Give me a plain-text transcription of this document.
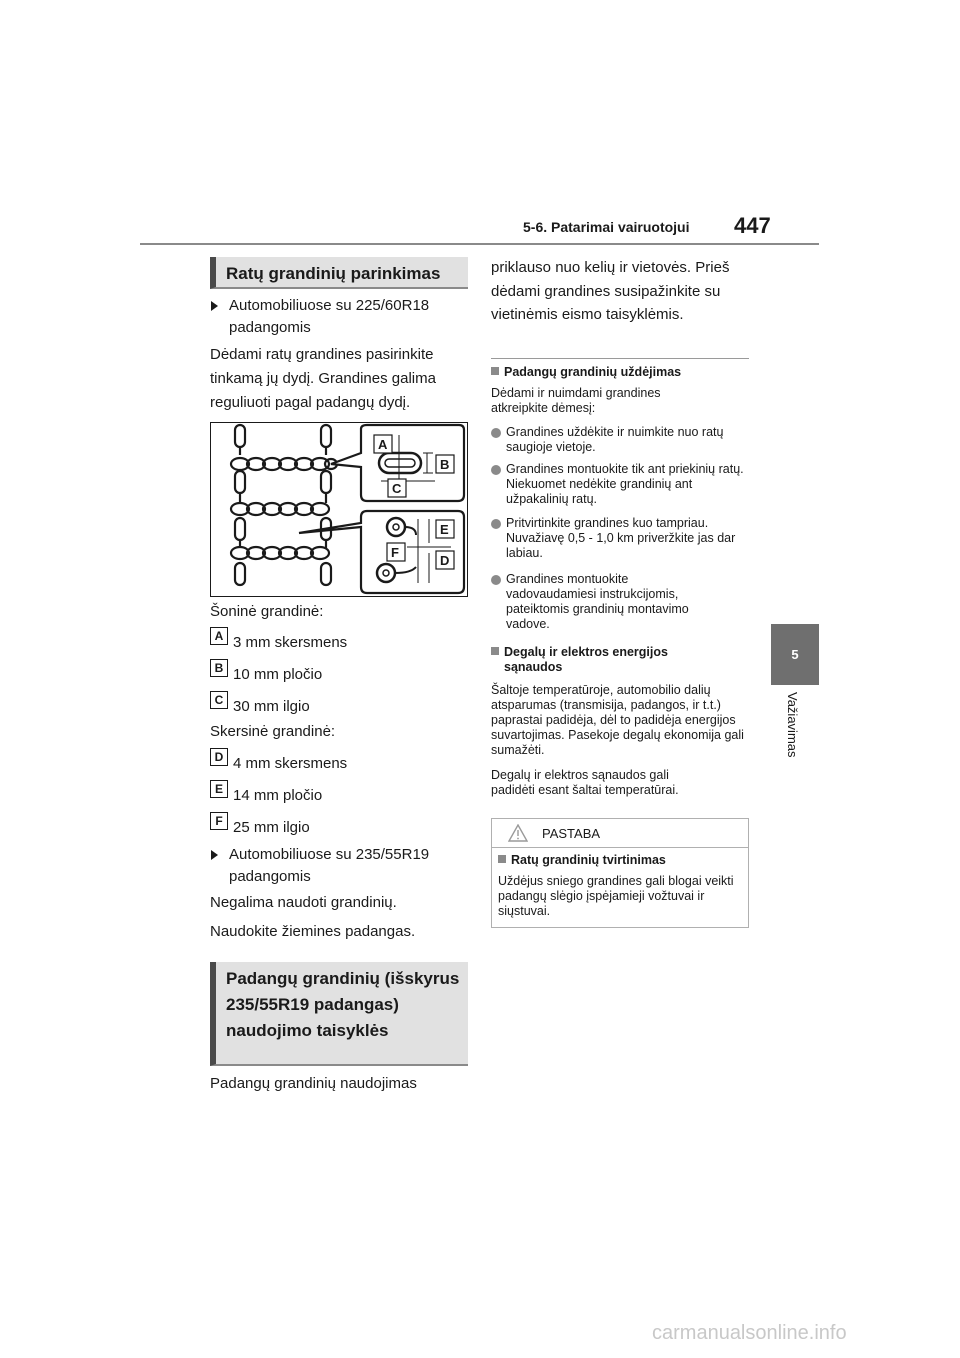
5-6. Patarimai vairuotojui 447
5
Važiavimas
Ratų grandinių parinkimas
Automobiliuose su 225/60R18 padangomis
Dėdami ratų grandines pasirinkite tinkamą jų dydį. Grandines galima reguliuoti pagal padangų dydį.
A
B
C
E
F
D
Šoninė grandinė:
A 3 mm skersmens
B 10 mm pločio
C 30 mm ilgio
Skersinė grandinė:
D 4 mm skersmens
E 14 mm pločio
F 25 mm ilgio
Automobiliuose su 235/55R19 padangomis
Negalima naudoti grandinių.
Naudokite žiemines padangas.
Padangų grandinių (išskyrus 235/55R19 padangas) naudojimo taisyklės
Padangų grandinių naudojimas
priklauso nuo kelių ir vietovės. Prieš dėdami grandines susipažinkite su vietinėmis eismo taisyklėmis.
Padangų grandinių uždėjimas
Dėdami ir nuimdami grandines atkreipkite dėmesį:
Grandines uždėkite ir nuimkite nuo ratų saugioje vietoje.
Grandines montuokite tik ant priekinių ratų. Niekuomet nedėkite grandinių ant užpakalinių ratų.
Pritvirtinkite grandines kuo tampriau. Nuvažiavę 0,5 - 1,0 km priveržkite jas dar labiau.
Grandines montuokite vadovaudamiesi instrukcijomis, pateiktomis grandinių montavimo vadove.
Degalų ir elektros energijos sąnaudos
Šaltoje temperatūroje, automobilio dalių atsparumas (transmisija, padangos, ir t.t.) paprastai padidėja, dėl to padidėja energijos suvartojimas. Pasekoje degalų ekonomija gali sumažėti.
Degalų ir elektros sąnaudos gali padidėti esant šaltai temperatūrai.
PASTABA
Ratų grandinių tvirtinimas
Uždėjus sniego grandines gali blogai veikti padangų slėgio įspėjamieji vožtuvai ir siųstuvai.
carmanualsonline.info
